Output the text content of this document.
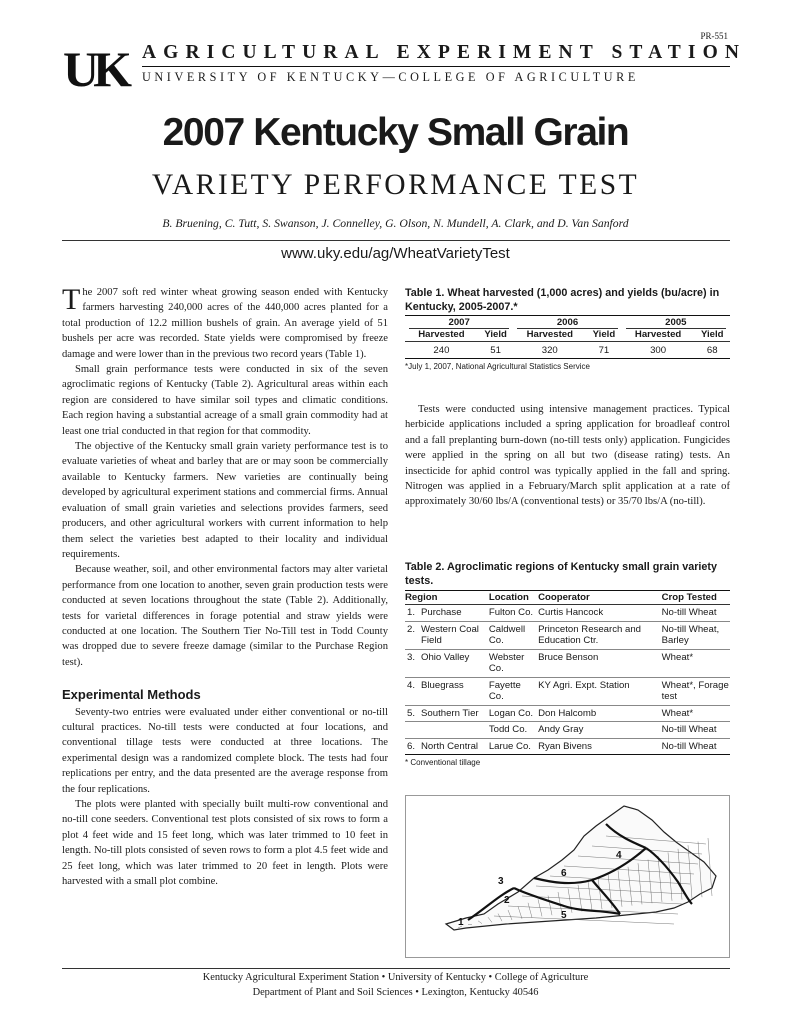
PR-551
UK AGRICULTURAL EXPERIMENT STATION
UNIVERSITY OF KENTUCKY—COLLEGE OF AGRICULTURE
2007 Kentucky Small Grain
VARIETY PERFORMANCE TEST
B. Bruening, C. Tutt, S. Swanson, J. Connelley, G. Olson, N. Mundell, A. Clark, and D. Van Sanford
www.uky.edu/ag/WheatVarietyTest

The 2007 soft red winter wheat growing season ended with Kentucky farmers harvesting 240,000 acres of the 440,000 acres planted for a total production of 12.2 million bushels of grain. An average yield of 51 bushels per acre was recorded. State yields were compromised by freeze damage and were lower than in the previous two record years (Table 1).

Small grain performance tests were conducted in six of the seven agroclimatic regions of Kentucky (Table 2). Agricultural areas within each region are considered to have similar soil types and climatic conditions. Each region having a substantial acreage of a small grain commodity had at least one trial conducted in that region for that commodity.

The objective of the Kentucky small grain variety performance test is to evaluate varieties of wheat and barley that are or may soon be commercially available to Kentucky farmers. New varieties are continually being developed by agricultural experiment stations and commercial firms. Annual evaluation of small grain varieties and selections provides farmers, seed producers, and other agricultural workers with current information to help them select the varieties best adapted to their locality and individual requirements.

Because weather, soil, and other environmental factors may alter varietal performance from one location to another, seven grain production tests were conducted at seven locations throughout the state (Table 2). Additionally, tests for varietal differences in forage potential and straw yields were conducted at one location. The Southern Tier No-Till test in Todd County was dropped due to severe freeze damage (similar to the Purchase Region test).

Experimental Methods

Seventy-two entries were evaluated under either conventional or no-till cultural practices. No-till tests were conducted at four locations, and conventional tillage tests were conducted at three locations. The experimental design was a randomized complete block. The tests had four replications per entry, and the data presented are the average response from the four replications.

The plots were planted with specially built multi-row conventional and no-till cone seeders. Conventional test plots consisted of six rows to form a plot 4 feet wide and 15 feet long, which was later trimmed to 10 feet in length. No-till plots consisted of seven rows to form a plot 4.5 feet wide and 25 feet long, which was later trimmed to 20 feet in length. Plots were harvested with a small plot combine.

Table 1. Wheat harvested (1,000 acres) and yields (bu/acre) in Kentucky, 2005-2007.*
2007		2006		2005	

Harvested	Yield	Harvested	Yield	Harvested	Yield
240	51	320	71	300	68
*July 1, 2007, National Agricultural Statistics Service

Tests were conducted using intensive management practices. Typical herbicide applications included a spring application for broadleaf control and a fall preplanting burn-down (no-till tests only) application. Fungicides were applied in the spring on all but two (disease rating) tests. An insecticide for aphid control was typically applied in the fall and spring. Nitrogen was applied in a February/March split application at a rate of approximately 30/60 lbs/A (conventional tests) or 35/70 lbs/A (no-till).

Table 2. Agroclimatic regions of Kentucky small grain variety tests.
Region		Location	Cooperator	Crop Tested
1.	Purchase	Fulton Co.	Curtis Hancock	No-till Wheat
2.	Western Coal Field	Caldwell Co.	Princeton Research and Education Ctr.	No-till Wheat, Barley
3.	Ohio Valley	Webster Co.	Bruce Benson	Wheat*
4.	Bluegrass	Fayette Co.	KY Agri. Expt. Station	Wheat*, Forage test
5.	Southern Tier	Logan Co.	Don Halcomb	Wheat*
		Todd Co.	Andy Gray	No-till Wheat
6.	North Central	Larue Co.	Ryan Bivens	No-till Wheat
* Conventional tillage
1
2
3
4
5
6
Kentucky Agricultural Experiment Station • University of Kentucky • College of Agriculture
Department of Plant and Soil Sciences • Lexington, Kentucky 40546
